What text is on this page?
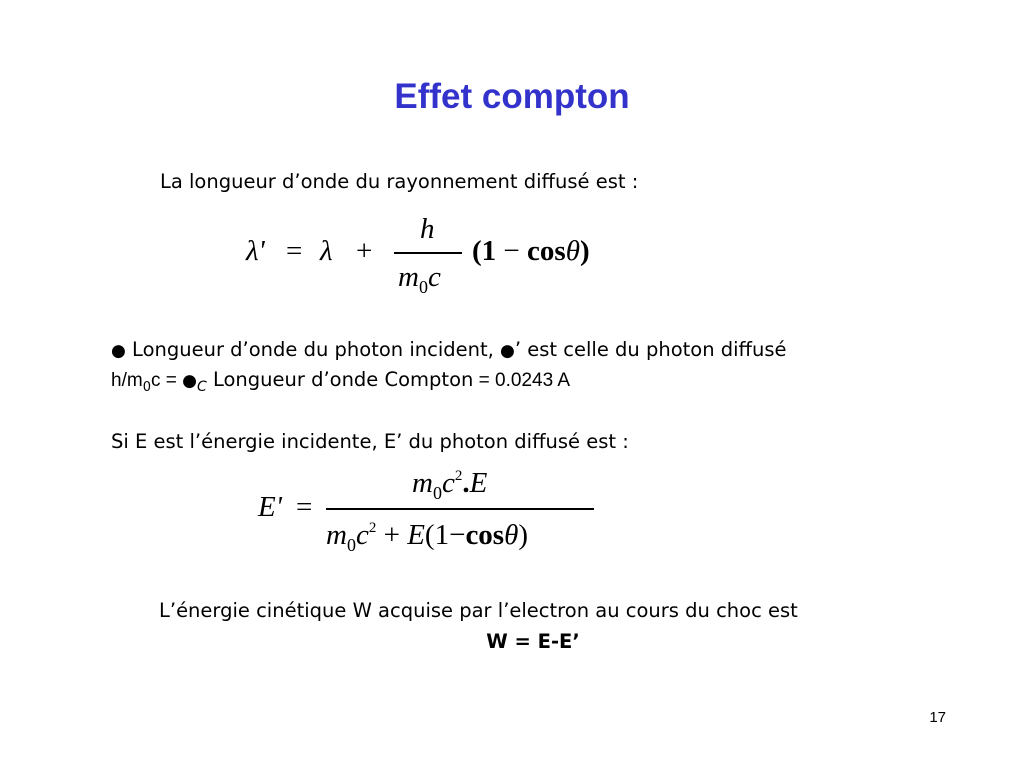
Effet compton
La longueur d’onde du rayonnement diffusé est :
λ' = λ +
h
$m_0c$
(1 − cosθ)
● Longueur d’onde du photon incident, ●’ est celle du photon diffusé
$h/m_0c$ = $●_C$ Longueur d’onde Compton = 0.0243 A
Si E est l’énergie incidente, E’ du photon diffusé est :
E' =
$m_0c^2.E$
$m_0c^2 + E(1-\cos\theta)$
L’énergie cinétique W acquise par l’electron au cours du choc est
W = E-E’
17
